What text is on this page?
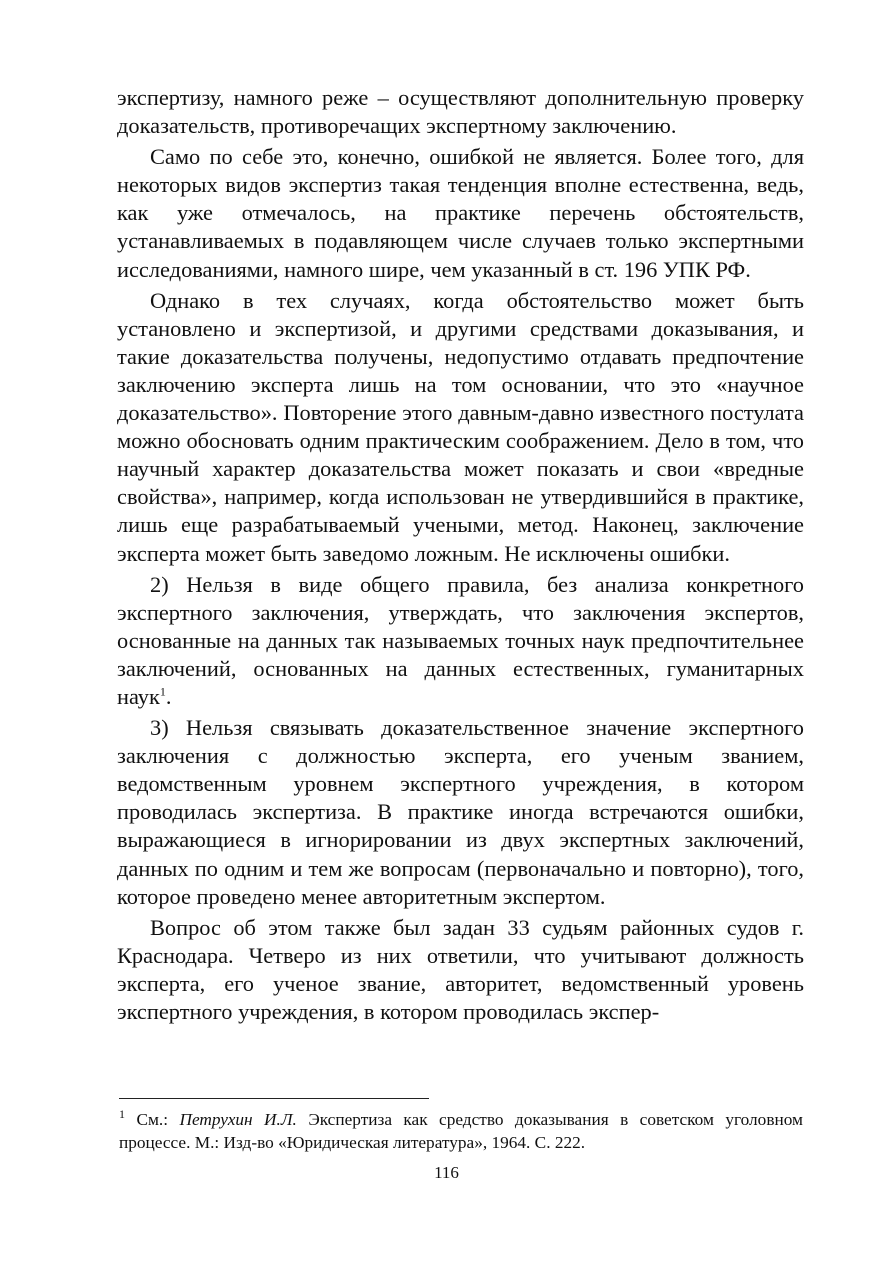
экспертизу, намного реже – осуществляют дополнительную проверку доказательств, противоречащих экспертному заключению.

Само по себе это, конечно, ошибкой не является. Более того, для некоторых видов экспертиз такая тенденция вполне естественна, ведь, как уже отмечалось, на практике перечень обстоятельств, устанавливаемых в подавляющем числе случаев только экспертными исследованиями, намного шире, чем указанный в ст. 196 УПК РФ.

Однако в тех случаях, когда обстоятельство может быть установлено и экспертизой, и другими средствами доказывания, и такие доказательства получены, недопустимо отдавать предпочтение заключению эксперта лишь на том основании, что это «научное доказательство». Повторение этого давным-давно известного постулата можно обосновать одним практическим соображением. Дело в том, что научный характер доказательства может показать и свои «вредные свойства», например, когда использован не утвердившийся в практике, лишь еще разрабатываемый учеными, метод. Наконец, заключение эксперта может быть заведомо ложным. Не исключены ошибки.

2) Нельзя в виде общего правила, без анализа конкретного экспертного заключения, утверждать, что заключения экспертов, основанные на данных так называемых точных наук предпочтительнее заключений, основанных на данных естественных, гуманитарных наук$^1$.

3) Нельзя связывать доказательственное значение экспертного заключения с должностью эксперта, его ученым званием, ведомственным уровнем экспертного учреждения, в котором проводилась экспертиза. В практике иногда встречаются ошибки, выражающиеся в игнорировании из двух экспертных заключений, данных по одним и тем же вопросам (первоначально и повторно), того, которое проведено менее авторитетным экспертом.

Вопрос об этом также был задан 33 судьям районных судов г. Краснодара. Четверо из них ответили, что учитывают должность эксперта, его ученое звание, авторитет, ведомственный уровень экспертного учреждения, в котором проводилась экспер-

$^1$ См.: Петрухин И.Л. Экспертиза как средство доказывания в советском уголовном процессе. М.: Изд-во «Юридическая литература», 1964. С. 222.
116
